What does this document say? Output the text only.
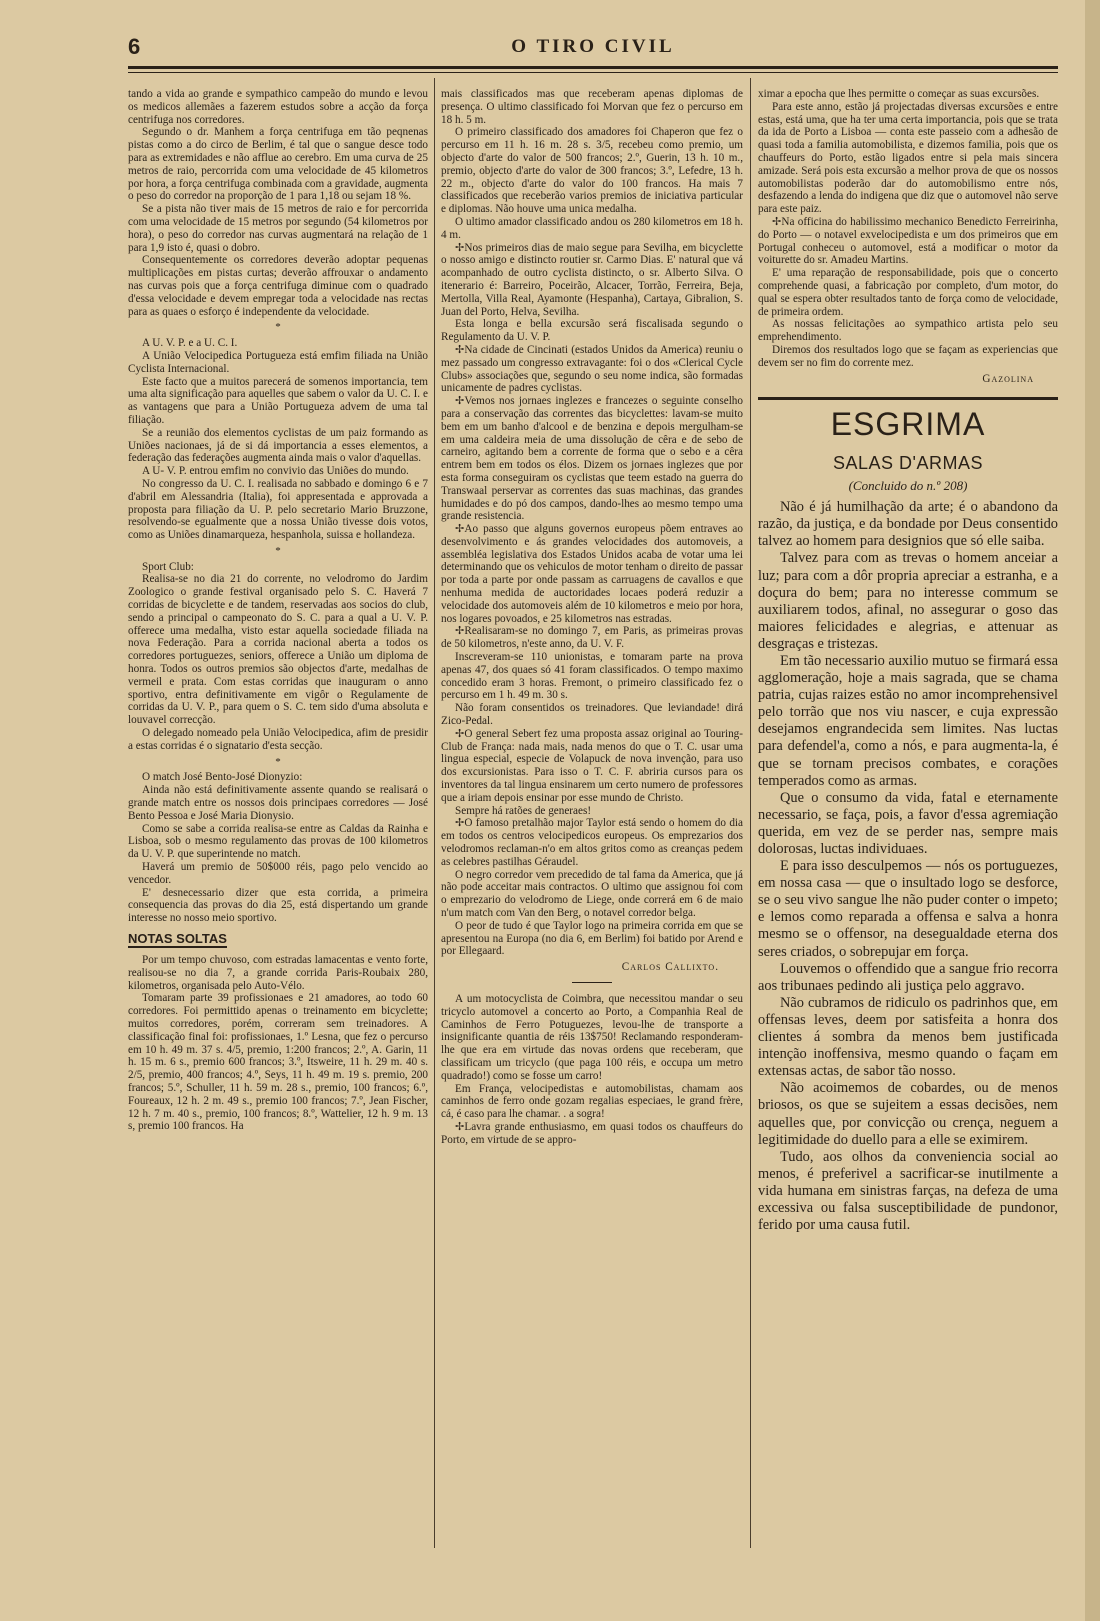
6	O TIRO CIVIL

tando a vida ao grande e sympathico campeão do mundo e levou os medicos allemães a fazerem estudos sobre a acção da força centrifuga nos corredores.

Segundo o dr. Manhem a força centrifuga em tão peqnenas pistas como a do circo de Berlim, é tal que o sangue desce todo para as extremidades e não afflue ao cerebro. Em uma curva de 25 metros de raio, percorrida com uma velocidade de 45 kilometros por hora, a força centrifuga combinada com a gravidade, augmenta o peso do corredor na proporção de 1 para 1,18 ou sejam 18 %.

Se a pista não tiver mais de 15 metros de raio e for percorrida com uma velocidade de 15 metros por segundo (54 kilometros por hora), o peso do corredor nas curvas augmentará na relação de 1 para 1,9 isto é, quasi o dobro.

Consequentemente os corredores deverão adoptar pequenas multiplicações em pistas curtas; deverão affrouxar o andamento nas curvas pois que a força centrifuga diminue com o quadrado d'essa velocidade e devem empregar toda a velocidade nas rectas para as quaes o esforço é independente da velocidade.

*

A U. V. P. e a U. C. I.

A União Velocipedica Portugueza está emfim filiada na União Cyclista Internacional.

Este facto que a muitos parecerá de somenos importancia, tem uma alta significação para aquelles que sabem o valor da U. C. I. e as vantagens que para a União Portugueza advem de uma tal filiação.

Se a reunião dos elementos cyclistas de um paiz formando as Uniões nacionaes, já de si dá importancia a esses elementos, a federação das federações augmenta ainda mais o valor d'aquellas.

A U- V. P. entrou emfim no convivio das Uniões do mundo.

No congresso da U. C. I. realisada no sabbado e domingo 6 e 7 d'abril em Alessandria (Italia), foi appresentada e approvada a proposta para filiação da U. P. pelo secretario Mario Bruzzone, resolvendo-se egualmente que a nossa União tivesse dois votos, como as Uniões dinamarqueza, hespanhola, suissa e hollandeza.

*

Sport Club:

Realisa-se no dia 21 do corrente, no velodromo do Jardim Zoologico o grande festival organisado pelo S. C. Haverá 7 corridas de bicyclette e de tandem, reservadas aos socios do club, sendo a principal o campeonato do S. C. para a qual a U. V. P. offerece uma medalha, visto estar aquella sociedade filiada na nova Federação. Para a corrida nacional aberta a todos os corredores portuguezes, seniors, offerece a União um diploma de honra. Todos os outros premios são objectos d'arte, medalhas de vermeil e prata. Com estas corridas que inauguram o anno sportivo, entra definitivamente em vigôr o Regulamente de corridas da U. V. P., para quem o S. C. tem sido d'uma absoluta e louvavel correcção.

O delegado nomeado pela União Velocipedica, afim de presidir a estas corridas é o signatario d'esta secção.

*

O match José Bento-José Dionyzio:

Ainda não está definitivamente assente quando se realisará o grande match entre os nossos dois principaes corredores — José Bento Pessoa e José Maria Dionysio.

Como se sabe a corrida realisa-se entre as Caldas da Rainha e Lisboa, sob o mesmo regulamento das provas de 100 kilometros da U. V. P. que superintende no match.

Haverá um premio de 50$000 réis, pago pelo vencido ao vencedor.

E' desnecessario dizer que esta corrida, a primeira consequencia das provas do dia 25, está dispertando um grande interesse no nosso meio sportivo.

NOTAS SOLTAS

Por um tempo chuvoso, com estradas lamacentas e vento forte, realisou-se no dia 7, a grande corrida Paris-Roubaix 280, kilometros, organisada pelo Auto-Vélo.

Tomaram parte 39 profissionaes e 21 amadores, ao todo 60 corredores. Foi permittido apenas o treinamento em bicyclette; muitos corredores, porém, correram sem treinadores. A classificação final foi: profissionaes, 1.º Lesna, que fez o percurso em 10 h. 49 m. 37 s. 4/5, premio, 1:200 francos; 2.º, A. Garin, 11 h. 15 m. 6 s., premio 600 francos; 3.º, Itsweire, 11 h. 29 m. 40 s. 2/5, premio, 400 francos; 4.º, Seys, 11 h. 49 m. 19 s. premio, 200 francos; 5.º, Schuller, 11 h. 59 m. 28 s., premio, 100 francos; 6.º, Foureaux, 12 h. 2 m. 49 s., premio 100 francos; 7.º, Jean Fischer, 12 h. 7 m. 40 s., premio, 100 francos; 8.º, Wattelier, 12 h. 9 m. 13 s, premio 100 francos. Ha

mais classificados mas que receberam apenas diplomas de presença. O ultimo classificado foi Morvan que fez o percurso em 18 h. 5 m.

O primeiro classificado dos amadores foi Chaperon que fez o percurso em 11 h. 16 m. 28 s. 3/5, recebeu como premio, um objecto d'arte do valor de 500 francos; 2.º, Guerin, 13 h. 10 m., premio, objecto d'arte do valor de 300 francos; 3.º, Lefedre, 13 h. 22 m., objecto d'arte do valor do 100 francos. Ha mais 7 classificados que receberão varios premios de iniciativa particular e diplomas. Não houve uma unica medalha.

O ultimo amador classificado andou os 280 kilometros em 18 h. 4 m.

✢Nos primeiros dias de maio segue para Sevilha, em bicyclette o nosso amigo e distincto routier sr. Carmo Dias. E' natural que vá acompanhado de outro cyclista distincto, o sr. Alberto Silva. O itenerario é: Barreiro, Poceirão, Alcacer, Torrão, Ferreira, Beja, Mertolla, Villa Real, Ayamonte (Hespanha), Cartaya, Gibralion, S. Juan del Porto, Helva, Sevilha.

Esta longa e bella excursão será fiscalisada segundo o Regulamento da U. V. P.

✢Na cidade de Cincinati (estados Unidos da America) reuniu o mez passado um congresso extravagante: foi o dos «Clerical Cycle Clubs» associações que, segundo o seu nome indica, são formadas unicamente de padres cyclistas.

✢Vemos nos jornaes inglezes e francezes o seguinte conselho para a conservação das correntes das bicyclettes: lavam-se muito bem em um banho d'alcool e de benzina e depois mergulham-se em uma caldeira meia de uma dissolução de cêra e de sebo de carneiro, agitando bem a corrente de forma que o sebo e a cêra entrem bem em todos os élos. Dizem os jornaes inglezes que por esta forma conseguiram os cyclistas que teem estado na guerra do Transwaal perservar as correntes das suas machinas, das grandes humidades e do pó dos campos, dando-lhes ao mesmo tempo uma grande resistencia.

✢Ao passo que alguns governos europeus põem entraves ao desenvolvimento e ás grandes velocidades dos automoveis, a assembléa legislativa dos Estados Unidos acaba de votar uma lei determinando que os vehiculos de motor tenham o direito de passar por toda a parte por onde passam as carruagens de cavallos e que nenhuma medida de auctoridades locaes poderá reduzir a velocidade dos automoveis além de 10 kilometros e meio por hora, nos logares povoados, e 25 kilometros nas estradas.

✢Realisaram-se no domingo 7, em Paris, as primeiras provas de 50 kilometros, n'este anno, da U. V. F.

Inscreveram-se 110 unionistas, e tomaram parte na prova apenas 47, dos quaes só 41 foram classificados. O tempo maximo concedido eram 3 horas. Fremont, o primeiro classificado fez o percurso em 1 h. 49 m. 30 s.

Não foram consentidos os treinadores. Que leviandade! dirá Zico-Pedal.

✢O general Sebert fez uma proposta assaz original ao Touring-Club de França: nada mais, nada menos do que o T. C. usar uma lingua especial, especie de Volapuck de nova invenção, para uso dos excursionistas. Para isso o T. C. F. abriria cursos para os inventores da tal lingua ensinarem um certo numero de professores que a iriam depois ensinar por esse mundo de Christo.

Sempre há ratões de generaes!

✢O famoso pretalhão major Taylor está sendo o homem do dia em todos os centros velocipedicos europeus. Os emprezarios dos velodromos reclaman-n'o em altos gritos como as creanças pedem as celebres pastilhas Géraudel.

O negro corredor vem precedido de tal fama da America, que já não pode acceitar mais contractos. O ultimo que assignou foi com o emprezario do velodromo de Liege, onde correrá em 6 de maio n'um match com Van den Berg, o notavel corredor belga.

O peor de tudo é que Taylor logo na primeira corrida em que se apresentou na Europa (no dia 6, em Berlim) foi batido por Arend e por Ellegaard.

Carlos Callixto.

A um motocyclista de Coimbra, que necessitou mandar o seu tricyclo automovel a concerto ao Porto, a Companhia Real de Caminhos de Ferro Potuguezes, levou-lhe de transporte a insignificante quantia de réis 13$750! Reclamando responderam-lhe que era em virtude das novas ordens que receberam, que classificam um tricyclo (que paga 100 réis, e occupa um metro quadrado!) como se fosse um carro!

Em França, velocipedistas e automobilistas, chamam aos caminhos de ferro onde gozam regalias especiaes, le grand frère, cá, é caso para lhe chamar. . a sogra!

✢Lavra grande enthusiasmo, em quasi todos os chauffeurs do Porto, em virtude de se appro-

ximar a epocha que lhes permitte o começar as suas excursões.

Para este anno, estão já projectadas diversas excursões e entre estas, está uma, que ha ter uma certa importancia, pois que se trata da ida de Porto a Lisboa — conta este passeio com a adhesão de quasi toda a familia automobilista, e dizemos familia, pois que os chauffeurs do Porto, estão ligados entre si pela mais sincera amizade. Será pois esta excursão a melhor prova de que os nossos automobilistas poderão dar do automobilismo entre nós, desfazendo a lenda do indigena que diz que o automovel não serve para este paiz.

✢Na officina do habilissimo mechanico Benedicto Ferreirinha, do Porto — o notavel exvelocipedista e um dos primeiros que em Portugal conheceu o automovel, está a modificar o motor da voiturette do sr. Amadeu Martins.

E' uma reparação de responsabilidade, pois que o concerto comprehende quasi, a fabricação por completo, d'um motor, do qual se espera obter resultados tanto de força como de velocidade, de primeira ordem.

As nossas felicitações ao sympathico artista pelo seu emprehendimento.

Diremos dos resultados logo que se façam as experiencias que devem ser no fim do corrente mez.

Gazolina
ESGRIMA
SALAS D'ARMAS
(Concluido do n.º 208)

Não é já humilhação da arte; é o abandono da razão, da justiça, e da bondade por Deus consentido talvez ao homem para designios que só elle saiba.

Talvez para com as trevas o homem anceiar a luz; para com a dôr propria apreciar a estranha, e a doçura do bem; para no interesse commum se auxiliarem todos, afinal, no assegurar o goso das maiores felicidades e alegrias, e attenuar as desgraças e tristezas.

Em tão necessario auxilio mutuo se firmará essa agglomeração, hoje a mais sagrada, que se chama patria, cujas raizes estão no amor incomprehensivel pelo torrão que nos viu nascer, e cuja expressão desejamos engrandecida sem limites. Nas luctas para defendel'a, como a nós, e para augmenta-la, é que se tornam precisos combates, e corações temperados como as armas.

Que o consumo da vida, fatal e eternamente necessario, se faça, pois, a favor d'essa agremiação querida, em vez de se perder nas, sempre mais dolorosas, luctas individuaes.

E para isso desculpemos — nós os portuguezes, em nossa casa — que o insultado logo se desforce, se o seu vivo sangue lhe não puder conter o impeto; e lemos como reparada a offensa e salva a honra mesmo se o offensor, na desegualdade eterna dos seres criados, o sobrepujar em força.

Louvemos o offendido que a sangue frio recorra aos tribunaes pedindo ali justiça pelo aggravo.

Não cubramos de ridiculo os padrinhos que, em offensas leves, deem por satisfeita a honra dos clientes á sombra da menos bem justificada intenção inoffensiva, mesmo quando o façam em extensas actas, de sabor tão nosso.

Não acoimemos de cobardes, ou de menos briosos, os que se sujeitem a essas decisões, nem aquelles que, por convicção ou crença, neguem a legitimidade do duello para a elle se eximirem.

Tudo, aos olhos da conveniencia social ao menos, é preferivel a sacrificar-se inutilmente a vida humana em sinistras farças, na defeza de uma excessiva ou falsa susceptibilidade de pundonor, ferido por uma causa futil.
